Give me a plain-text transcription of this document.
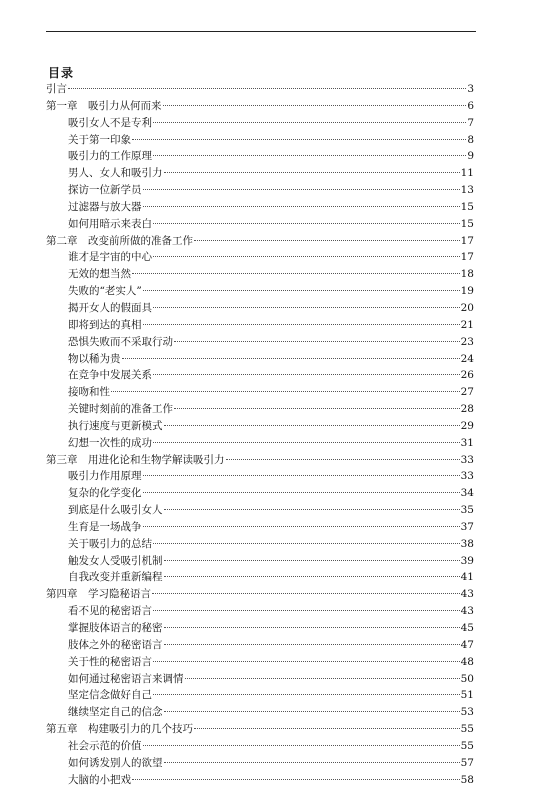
目录
引言	3
第一章　吸引力从何而来	6
吸引女人不是专利	7
关于第一印象	8
吸引力的工作原理	9
男人、女人和吸引力	11
探访一位新学员	13
过滤器与放大器	15
如何用暗示来表白	15
第二章　改变前所做的准备工作	17
谁才是宇宙的中心	17
无效的想当然	18
失败的“老实人”	19
揭开女人的假面具	20
即将到达的真相	21
恐惧失败而不采取行动	23
物以稀为贵	24
在竞争中发展关系	26
接吻和性	27
关键时刻前的准备工作	28
执行速度与更新模式	29
幻想一次性的成功	31
第三章　用进化论和生物学解读吸引力	33
吸引力作用原理	33
复杂的化学变化	34
到底是什么吸引女人	35
生育是一场战争	37
关于吸引力的总结	38
触发女人受吸引机制	39
自我改变并重新编程	41
第四章　学习隐秘语言	43
看不见的秘密语言	43
掌握肢体语言的秘密	45
肢体之外的秘密语言	47
关于性的秘密语言	48
如何通过秘密语言来调情	50
坚定信念做好自己	51
继续坚定自己的信念	53
第五章　构建吸引力的几个技巧	55
社会示范的价值	55
如何诱发别人的欲望	57
大脑的小把戏	58
